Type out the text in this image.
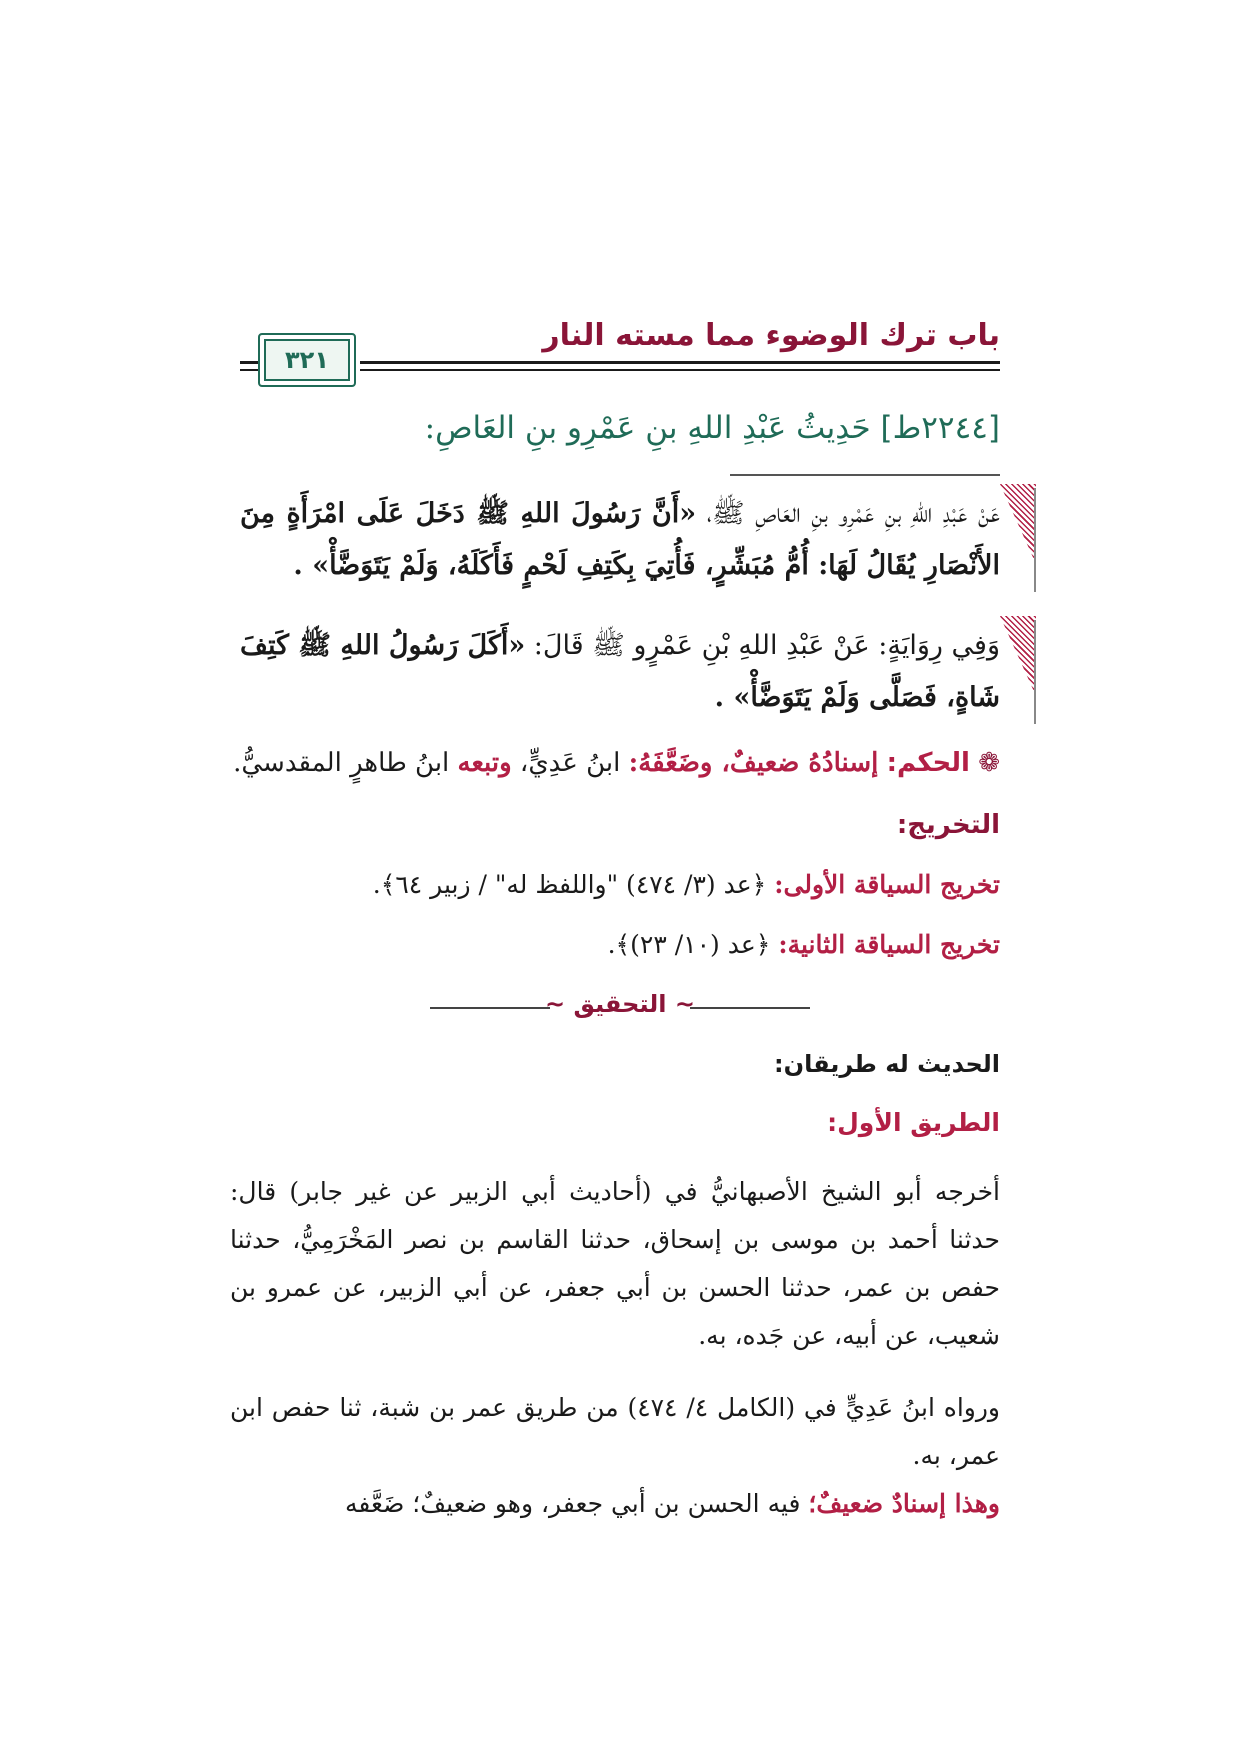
باب ترك الوضوء مما مسته النار
٣٢١
[٢٢٤٤ط] حَدِيثُ عَبْدِ اللهِ بنِ عَمْرِو بنِ العَاصِ:

عَنْ عَبْدِ اللهِ بنِ عَمْرِو بنِ العَاصِ ﷺ، «أَنَّ رَسُولَ اللهِ ﷺ دَخَلَ عَلَى امْرَأَةٍ مِنَ الأَنْصَارِ يُقَالُ لَهَا: أُمُّ مُبَشِّرٍ، فَأُتِيَ بِكَتِفِ لَحْمٍ فَأَكَلَهُ، وَلَمْ يَتَوَضَّأْ» .

وَفِي رِوَايَةٍ: عَنْ عَبْدِ اللهِ بْنِ عَمْرٍو ﷺ قَالَ: «أَكَلَ رَسُولُ اللهِ ﷺ كَتِفَ شَاةٍ، فَصَلَّى وَلَمْ يَتَوَضَّأْ» .

❁ الحكم: إسنادُهُ ضعيفٌ، وضَعَّفَهُ: ابنُ عَدِيٍّ، وتبعه ابنُ طاهرٍ المقدسيُّ.
التخريج:
تخريج السياقة الأولى: ﴿عد (٣/ ٤٧٤) "واللفظ له" / زبير ٦٤﴾.
تخريج السياقة الثانية: ﴿عد (١٠/ ٢٣)﴾.
~ التحقيق ~
الحديث له طريقان:
الطريق الأول:

أخرجه أبو الشيخ الأصبهانيُّ في (أحاديث أبي الزبير عن غير جابر) قال: حدثنا أحمد بن موسى بن إسحاق، حدثنا القاسم بن نصر المَخْرَمِيُّ، حدثنا حفص بن عمر، حدثنا الحسن بن أبي جعفر، عن أبي الزبير، عن عمرو بن شعيب، عن أبيه، عن جَده، به.

ورواه ابنُ عَدِيٍّ في (الكامل ٤/ ٤٧٤) من طريق عمر بن شبة، ثنا حفص ابن عمر، به.

وهذا إسنادٌ ضعيفٌ؛ فيه الحسن بن أبي جعفر، وهو ضعيفٌ؛ ضَعَّفه
